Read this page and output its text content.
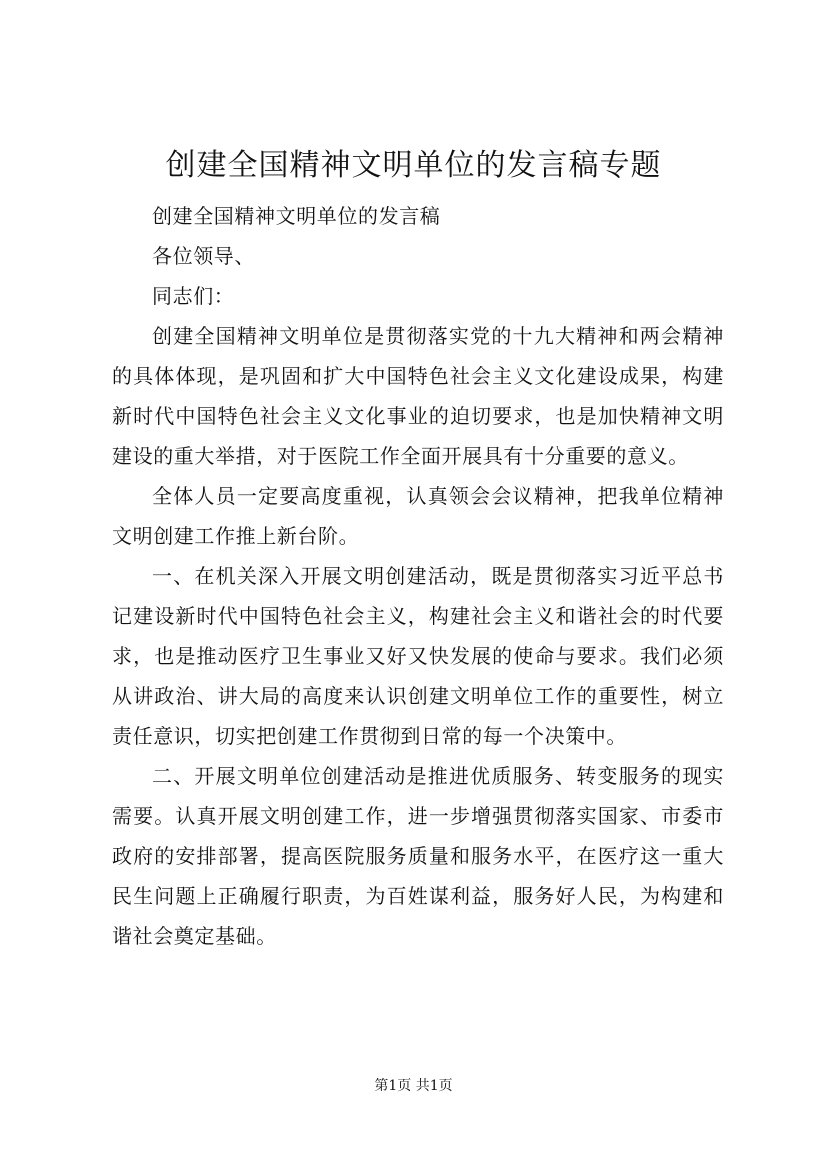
创建全国精神文明单位的发言稿专题

创建全国精神文明单位的发言稿

各位领导、

同志们：

创建全国精神文明单位是贯彻落实党的十九大精神和两会精神的具体体现，是巩固和扩大中国特色社会主义文化建设成果，构建新时代中国特色社会主义文化事业的迫切要求，也是加快精神文明建设的重大举措，对于医院工作全面开展具有十分重要的意义。

全体人员一定要高度重视，认真领会会议精神，把我单位精神文明创建工作推上新台阶。

一、在机关深入开展文明创建活动，既是贯彻落实习近平总书记建设新时代中国特色社会主义，构建社会主义和谐社会的时代要求，也是推动医疗卫生事业又好又快发展的使命与要求。我们必须从讲政治、讲大局的高度来认识创建文明单位工作的重要性，树立责任意识，切实把创建工作贯彻到日常的每一个决策中。

二、开展文明单位创建活动是推进优质服务、转变服务的现实需要。认真开展文明创建工作，进一步增强贯彻落实国家、市委市政府的安排部署，提高医院服务质量和服务水平，在医疗这一重大民生问题上正确履行职责，为百姓谋利益，服务好人民，为构建和谐社会奠定基础。

第1页 共1页
